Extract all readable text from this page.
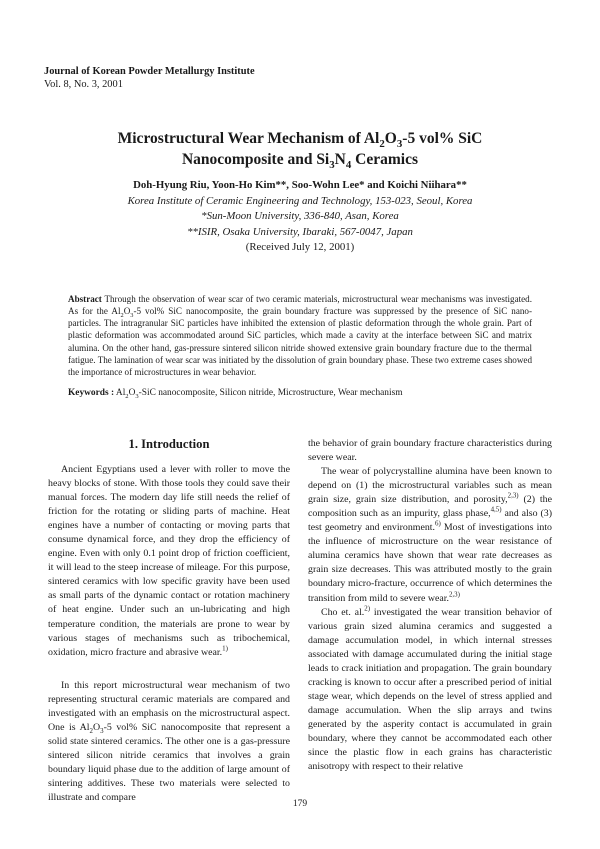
Journal of Korean Powder Metallurgy Institute
Vol. 8, No. 3, 2001
Microstructural Wear Mechanism of $Al_2O_3-5$ vol% SiC
Nanocomposite and $Si_3N_4$ Ceramics
Doh-Hyung Riu, Yoon-Ho Kim**, Soo-Wohn Lee* and Koichi Niihara**
Korea Institute of Ceramic Engineering and Technology, 153-023, Seoul, Korea
*Sun-Moon University, 336-840, Asan, Korea
**ISIR, Osaka University, Ibaraki, 567-0047, Japan
(Received July 12, 2001)
Abstract Through the observation of wear scar of two ceramic materials, microstructural wear mechanisms was investigated. As for the $Al_2O_3-5$ vol% SiC nanocomposite, the grain boundary fracture was suppressed by the presence of SiC nano-particles. The intragranular SiC particles have inhibited the extension of plastic deformation through the whole grain. Part of plastic deformation was accommodated around SiC particles, which made a cavity at the interface between SiC and matrix alumina. On the other hand, gas-pressure sintered silicon nitride showed extensive grain boundary fracture due to the thermal fatigue. The lamination of wear scar was initiated by the dissolution of grain boundary phase. These two extreme cases showed the importance of microstructures in wear behavior.
Keywords : $Al_2O_3$-SiC nanocomposite, Silicon nitride, Microstructure, Wear mechanism
1. Introduction

Ancient Egyptians used a lever with roller to move the heavy blocks of stone. With those tools they could save their manual forces. The modern day life still needs the relief of friction for the rotating or sliding parts of machine. Heat engines have a number of contacting or moving parts that consume dynamical force, and they drop the efficiency of engine. Even with only 0.1 point drop of friction coefficient, it will lead to the steep increase of mileage. For this purpose, sintered ceramics with low specific gravity have been used as small parts of the dynamic contact or rotation machinery of heat engine. Under such an un-lubricating and high temperature condition, the materials are prone to wear by various stages of mechanisms such as tribochemical, oxidation, micro fracture and abrasive wear.$^{1)}$

In this report microstructural wear mechanism of two representing structural ceramic materials are compared and investigated with an emphasis on the microstructural aspect. One is $Al_2O_3-5$ vol% SiC nanocomposite that represent a solid state sintered ceramics. The other one is a gas-pressure sintered silicon nitride ceramics that involves a grain boundary liquid phase due to the addition of large amount of sintering additives. These two materials were selected to illustrate and compare

the behavior of grain boundary fracture characteristics during severe wear.

The wear of polycrystalline alumina have been known to depend on (1) the microstructural variables such as mean grain size, grain size distribution, and porosity,$^{2,3)}$ (2) the composition such as an impurity, glass phase,$^{4,5)}$ and also (3) test geometry and environment.$^{6)}$ Most of investigations into the influence of microstructure on the wear resistance of alumina ceramics have shown that wear rate decreases as grain size decreases. This was attributed mostly to the grain boundary micro-fracture, occurrence of which determines the transition from mild to severe wear.$^{2,3)}$

Cho et. al.$^{2)}$ investigated the wear transition behavior of various grain sized alumina ceramics and suggested a damage accumulation model, in which internal stresses associated with damage accumulated during the initial stage leads to crack initiation and propagation. The grain boundary cracking is known to occur after a prescribed period of initial stage wear, which depends on the level of stress applied and damage accumulation. When the slip arrays and twins generated by the asperity contact is accumulated in grain boundary, where they cannot be accommodated each other since the plastic flow in each grains has characteristic anisotropy with respect to their relative

179
